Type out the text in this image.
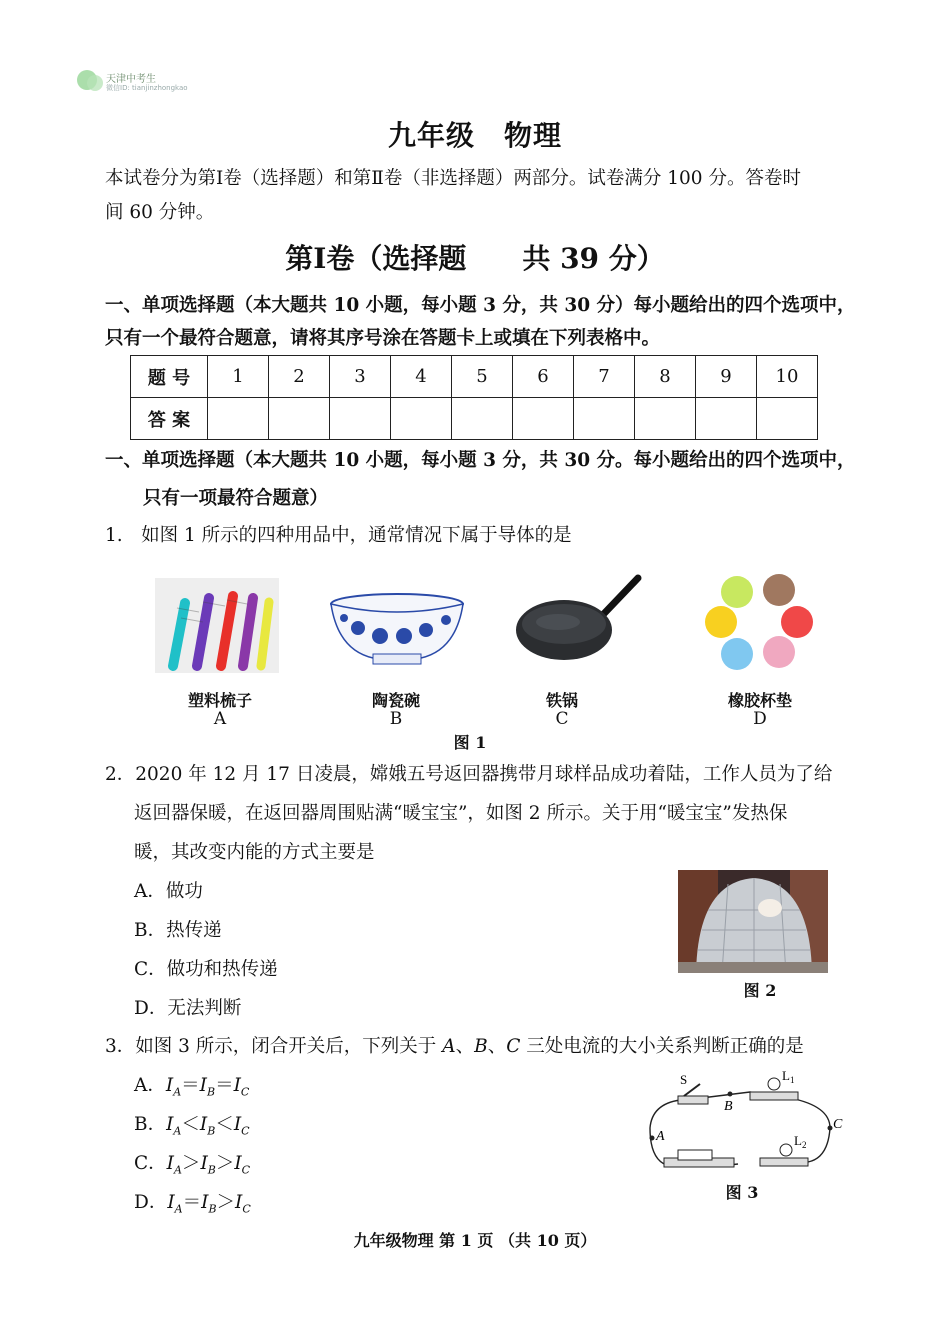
天津中考生
微信ID: tianjinzhongkao
九年级　物理
本试卷分为第Ⅰ卷（选择题）和第Ⅱ卷（非选择题）两部分。试卷满分 100 分。答卷时
间 60 分钟。
第Ⅰ卷（选择题　　共 39 分）
一、单项选择题（本大题共 10 小题，每小题 3 分，共 30 分）每小题给出的四个选项中，
只有一个最符合题意，请将其序号涂在答题卡上或填在下列表格中。
题 号	1	2	3	4	5	6	7	8	9	10
答 案										
一、单项选择题（本大题共 10 小题，每小题 3 分，共 30 分。每小题给出的四个选项中，
只有一项最符合题意）
1.　如图 1 所示的四种用品中，通常情况下属于导体的是
塑料梳子	陶瓷碗	铁锅	橡胶杯垫
A	B	C	D
图 1
2．2020 年 12 月 17 日凌晨，嫦娥五号返回器携带月球样品成功着陆，工作人员为了给
返回器保暖，在返回器周围贴满“暖宝宝”，如图 2 所示。关于用“暖宝宝”发热保
暖，其改变内能的方式主要是
A．做功
B．热传递
C．做功和热传递
D．无法判断
图 2
3．如图 3 所示，闭合开关后，下列关于 A、B、C 三处电流的大小关系判断正确的是
A．$I_A=I_B=I_C$
B．$I_A<I_B<I_C$
C．$I_A>I_B>I_C$
D．$I_A=I_B>I_C$
S	$L_1$
$L_2$
B
C
A
图 3
九年级物理 第 1 页 （共 10 页）
